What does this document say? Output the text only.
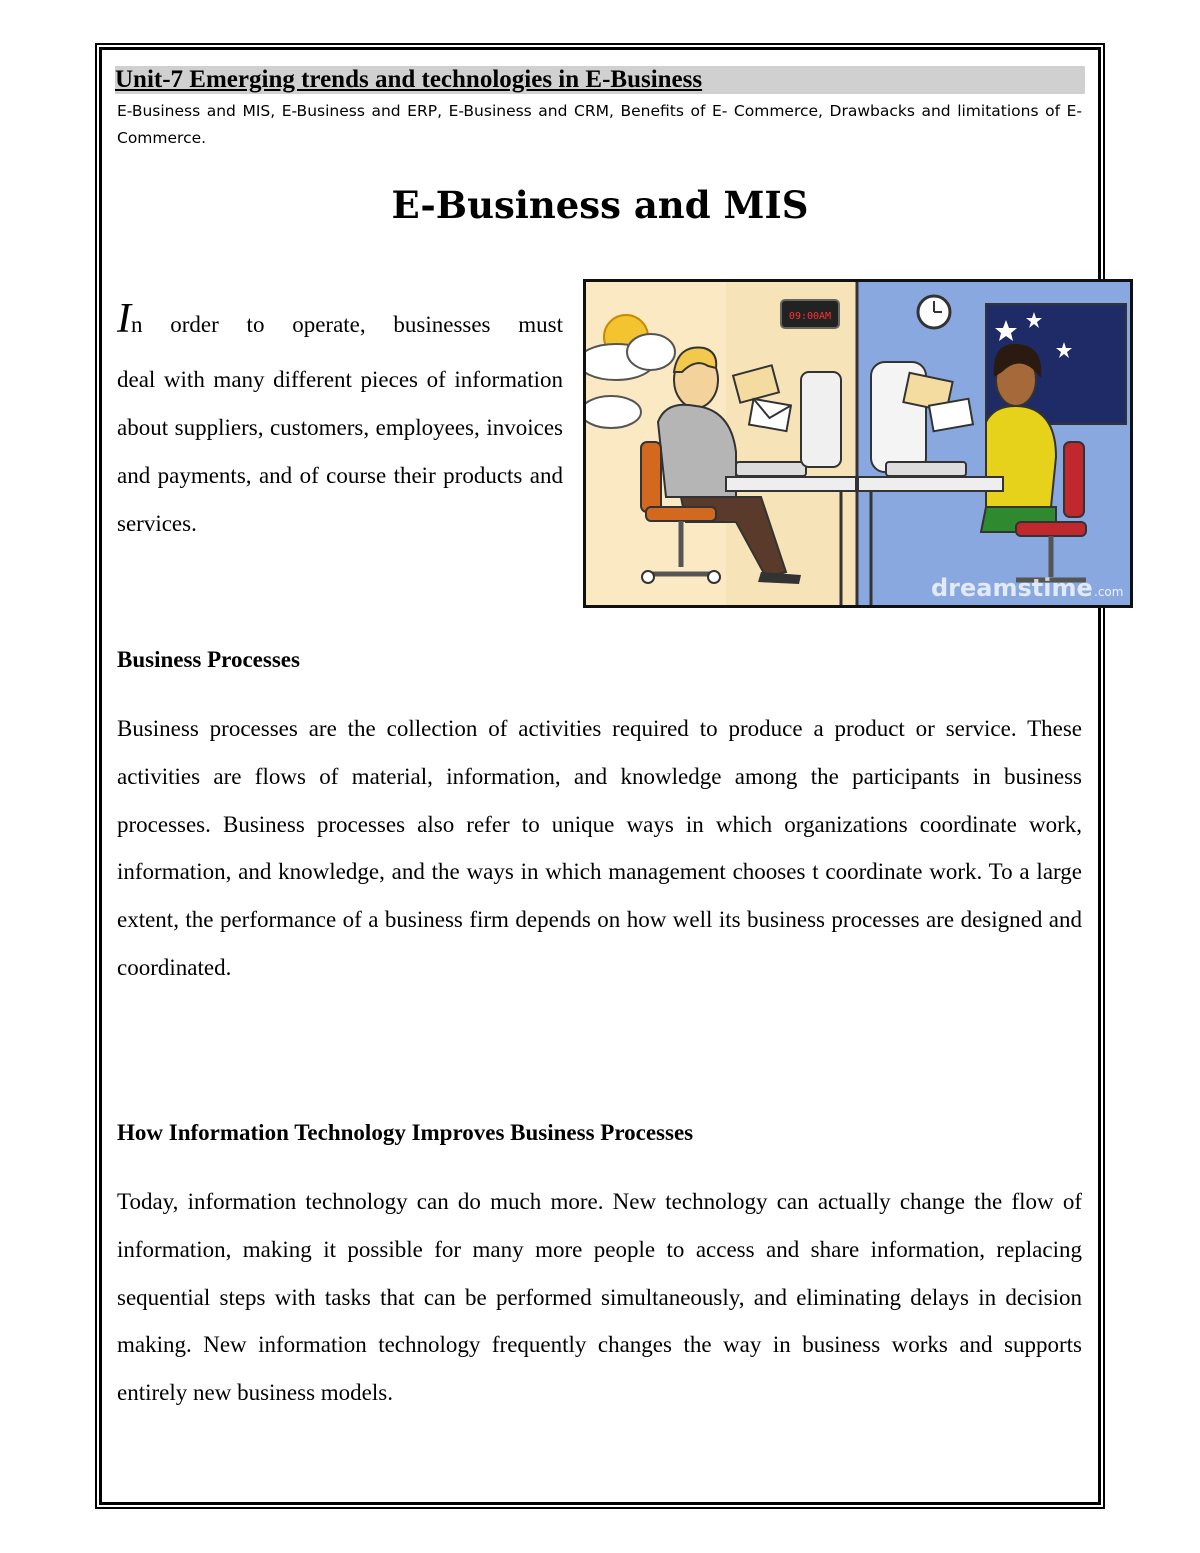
Unit-7 Emerging trends and technologies in E-Business
E-Business and MIS, E-Business and ERP, E-Business and CRM, Benefits of E- Commerce, Drawbacks and limitations of E-Commerce.
E-Business and MIS

In order to operate, businesses must

deal with many different pieces of information about suppliers, customers, employees, invoices and payments, and of course their products and services.

09:00AM
dreamstime .com
Business Processes

Business processes are the collection of activities required to produce a product or service. These activities are flows of material, information, and knowledge among the participants in business processes. Business processes also refer to unique ways in which organizations coordinate work, information, and knowledge, and the ways in which management chooses t coordinate work. To a large extent, the performance of a business firm depends on how well its business processes are designed and coordinated.

How Information Technology Improves Business Processes

Today, information technology can do much more. New technology can actually change the flow of information, making it possible for many more people to access and share information, replacing sequential steps with tasks that can be performed simultaneously, and eliminating delays in decision making. New information technology frequently changes the way in business works and supports entirely new business models.
